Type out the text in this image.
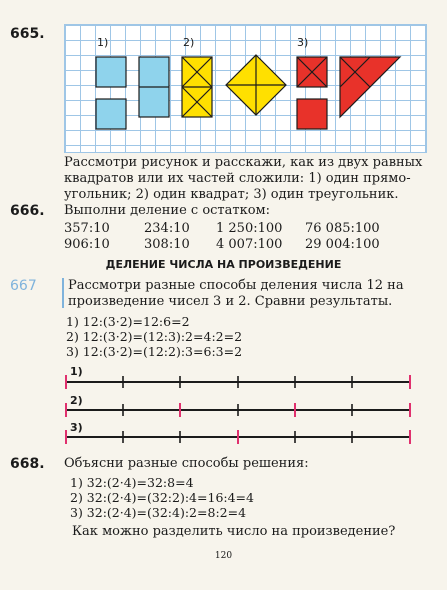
665.
1)	2)	3)
Рассмотри рисунок и расскажи, как из двух равных
квадратов или их частей сложили: 1) один прямо-
угольник; 2) один квадрат; 3) один треугольник.
666. Выполни деление с остатком:
357:10	234:10 1 250:100 76 085:100
906:10	308:10 4 007:100 29 004:100
ДЕЛЕНИЕ ЧИСЛА НА ПРОИЗВЕДЕНИЕ
667 Рассмотри разные способы деления числа 12 на
произведение чисел 3 и 2. Сравни результаты.
1) 12:(3·2)=12:6=2
2) 12:(3·2)=(12:3):2=4:2=2
3) 12:(3·2)=(12:2):3=6:3=2
1)
2)
3)
668. Объясни разные способы решения:
1) 32:(2·4)=32:8=4
2) 32:(2·4)=(32:2):4=16:4=4
3) 32:(2·4)=(32:4):2=8:2=4
Как можно разделить число на произведение?
120
